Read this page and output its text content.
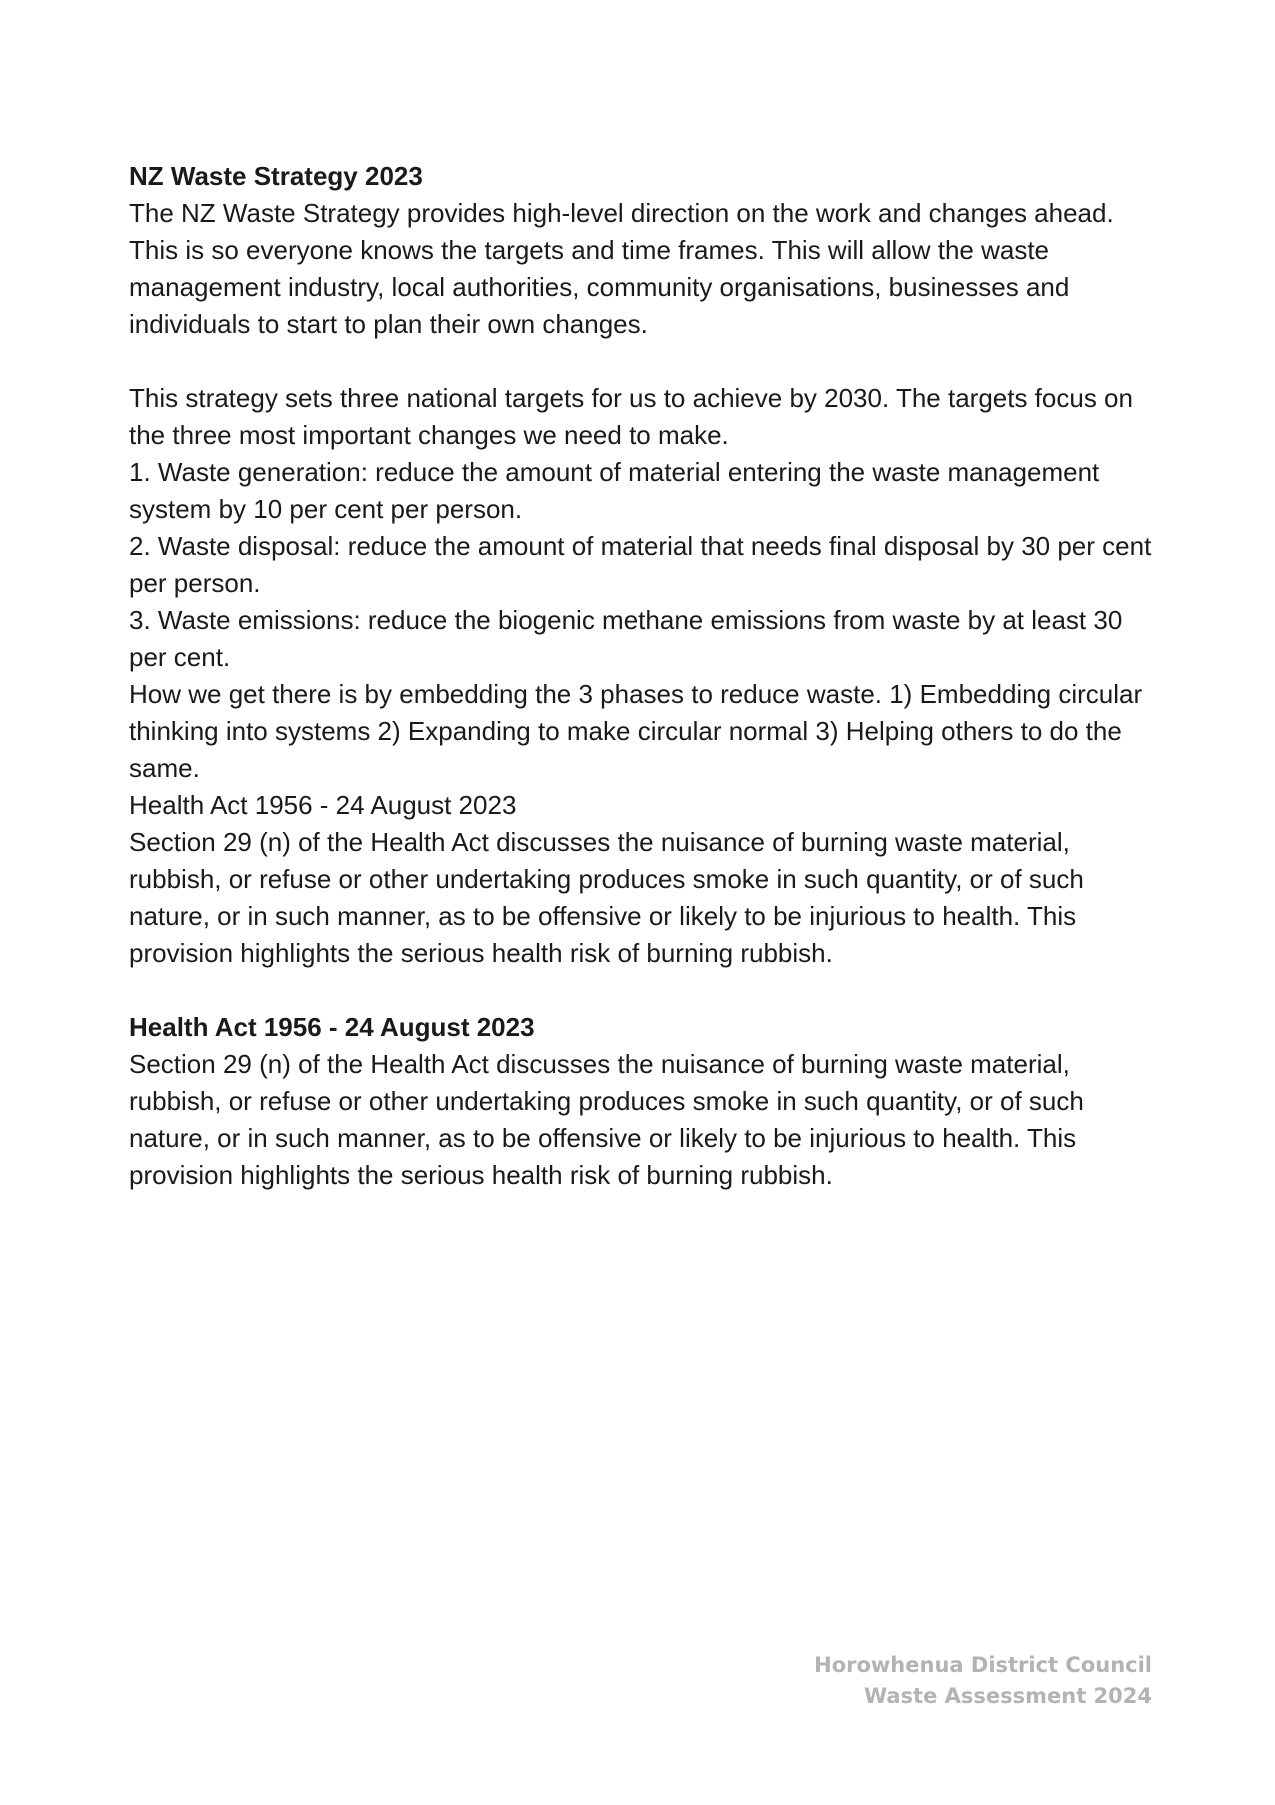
NZ Waste Strategy 2023
The NZ Waste Strategy provides high-level direction on the work and changes ahead. This is so everyone knows the targets and time frames. This will allow the waste management industry, local authorities, community organisations, businesses and individuals to start to plan their own changes.
This strategy sets three national targets for us to achieve by 2030. The targets focus on the three most important changes we need to make.
1. Waste generation: reduce the amount of material entering the waste management system by 10 per cent per person.
2. Waste disposal: reduce the amount of material that needs final disposal by 30 per cent per person.
3. Waste emissions: reduce the biogenic methane emissions from waste by at least 30 per cent.
How we get there is by embedding the 3 phases to reduce waste. 1) Embedding circular thinking into systems 2) Expanding to make circular normal 3) Helping others to do the same.
Health Act 1956 - 24 August 2023
Section 29 (n) of the Health Act discusses the nuisance of burning waste material, rubbish, or refuse or other undertaking produces smoke in such quantity, or of such nature, or in such manner, as to be offensive or likely to be injurious to health. This provision highlights the serious health risk of burning rubbish.
Health Act 1956 - 24 August 2023
Section 29 (n) of the Health Act discusses the nuisance of burning waste material, rubbish, or refuse or other undertaking produces smoke in such quantity, or of such nature, or in such manner, as to be offensive or likely to be injurious to health. This provision highlights the serious health risk of burning rubbish.
Horowhenua District Council
Waste Assessment 2024
